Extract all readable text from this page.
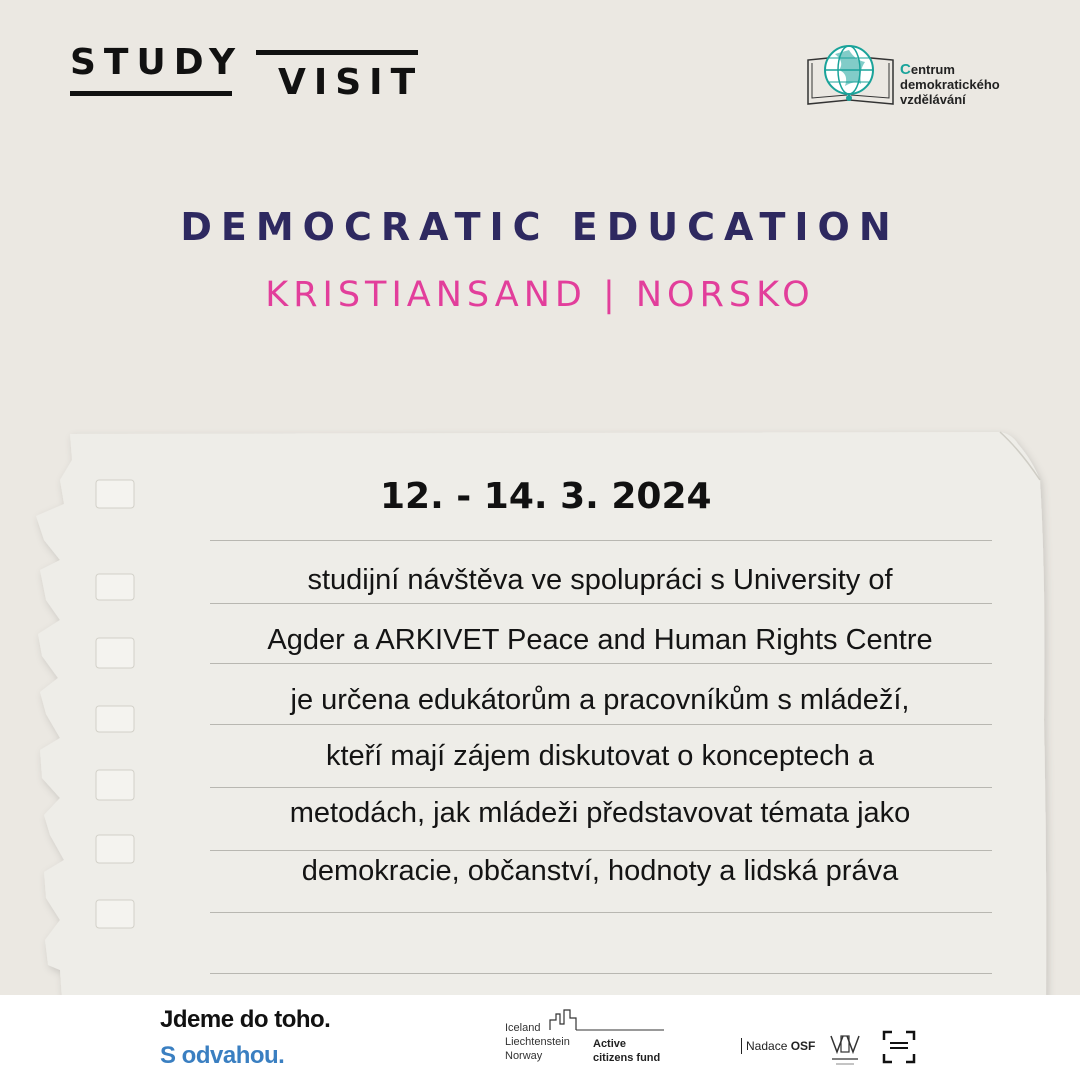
STUDY VISIT	Centrum
demokratického
vzdělávání
DEMOCRATIC EDUCATION
KRISTIANSAND | NORSKO
12. - 14. 3. 2024
studijní návštěva ve spolupráci s University of
Agder a ARKIVET Peace and Human Rights Centre
je určena edukátorům a pracovníkům s mládeží,
kteří mají zájem diskutovat o konceptech a
metodách, jak mládeži představovat témata jako
demokracie, občanství, hodnoty a lidská práva
Jdeme do toho.
S odvahou.
Iceland
Liechtenstein
Norway
Active
citizens fund
Nadace OSF
